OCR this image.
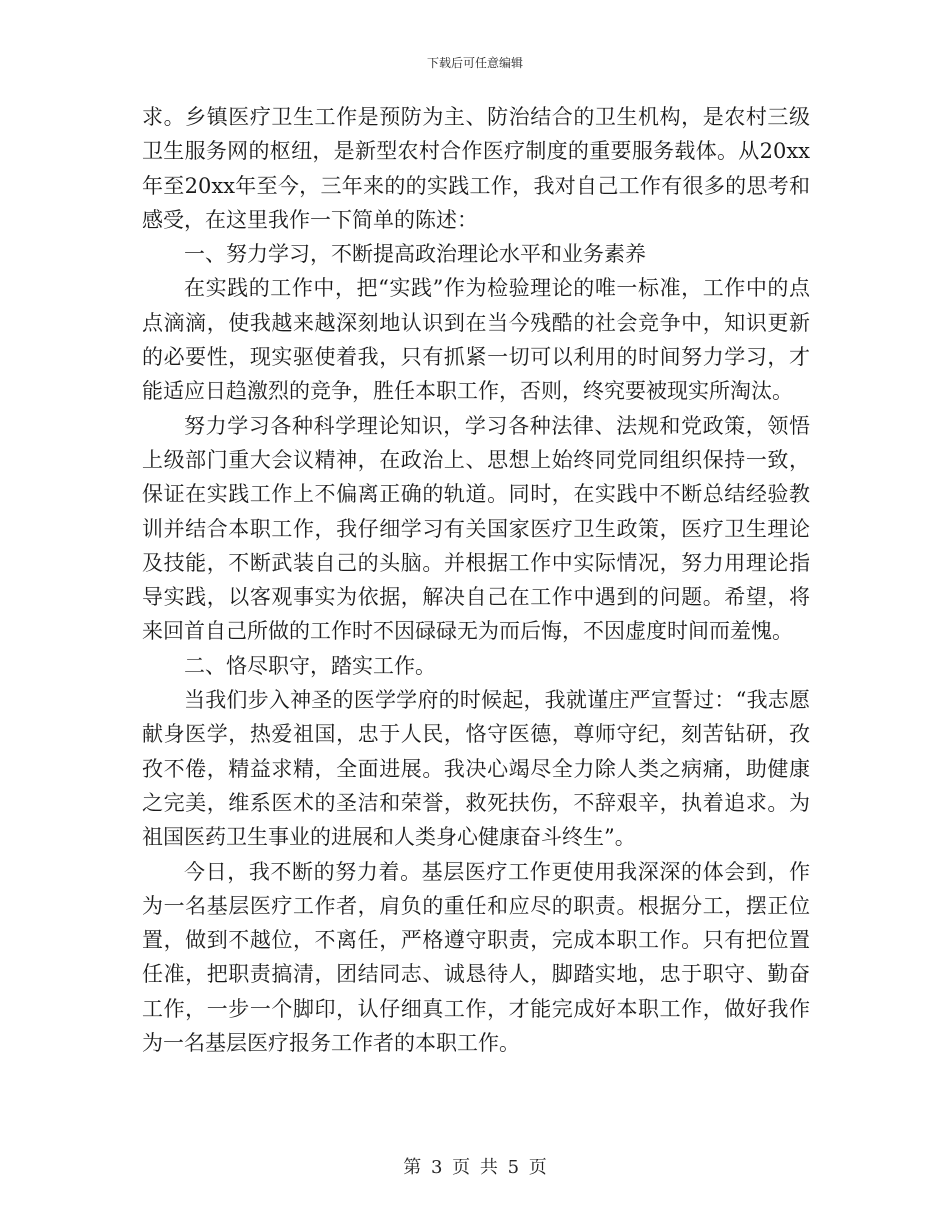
下载后可任意编辑

求。乡镇医疗卫生工作是预防为主、防治结合的卫生机构，是农村三级卫生服务网的枢纽，是新型农村合作医疗制度的重要服务载体。从20xx年至20xx年至今，三年来的的实践工作，我对自己工作有很多的思考和感受，在这里我作一下简单的陈述：

一、努力学习，不断提高政治理论水平和业务素养

在实践的工作中，把“实践”作为检验理论的唯一标准，工作中的点点滴滴，使我越来越深刻地认识到在当今残酷的社会竞争中，知识更新的必要性，现实驱使着我，只有抓紧一切可以利用的时间努力学习，才能适应日趋激烈的竞争，胜任本职工作，否则，终究要被现实所淘汰。

努力学习各种科学理论知识，学习各种法律、法规和党政策，领悟上级部门重大会议精神，在政治上、思想上始终同党同组织保持一致，保证在实践工作上不偏离正确的轨道。同时，在实践中不断总结经验教训并结合本职工作，我仔细学习有关国家医疗卫生政策，医疗卫生理论及技能，不断武装自己的头脑。并根据工作中实际情况，努力用理论指导实践，以客观事实为依据，解决自己在工作中遇到的问题。希望，将来回首自己所做的工作时不因碌碌无为而后悔，不因虚度时间而羞愧。

二、恪尽职守，踏实工作。

当我们步入神圣的医学学府的时候起，我就谨庄严宣誓过：“我志愿献身医学，热爱祖国，忠于人民，恪守医德，尊师守纪，刻苦钻研，孜孜不倦，精益求精，全面进展。我决心竭尽全力除人类之病痛，助健康之完美，维系医术的圣洁和荣誉，救死扶伤，不辞艰辛，执着追求。为祖国医药卫生事业的进展和人类身心健康奋斗终生”。

今日，我不断的努力着。基层医疗工作更使用我深深的体会到，作为一名基层医疗工作者，肩负的重任和应尽的职责。根据分工，摆正位置，做到不越位，不离任，严格遵守职责，完成本职工作。只有把位置任准，把职责搞清，团结同志、诚恳待人，脚踏实地，忠于职守、勤奋工作，一步一个脚印，认仔细真工作，才能完成好本职工作，做好我作为一名基层医疗报务工作者的本职工作。

第 3 页 共 5 页
